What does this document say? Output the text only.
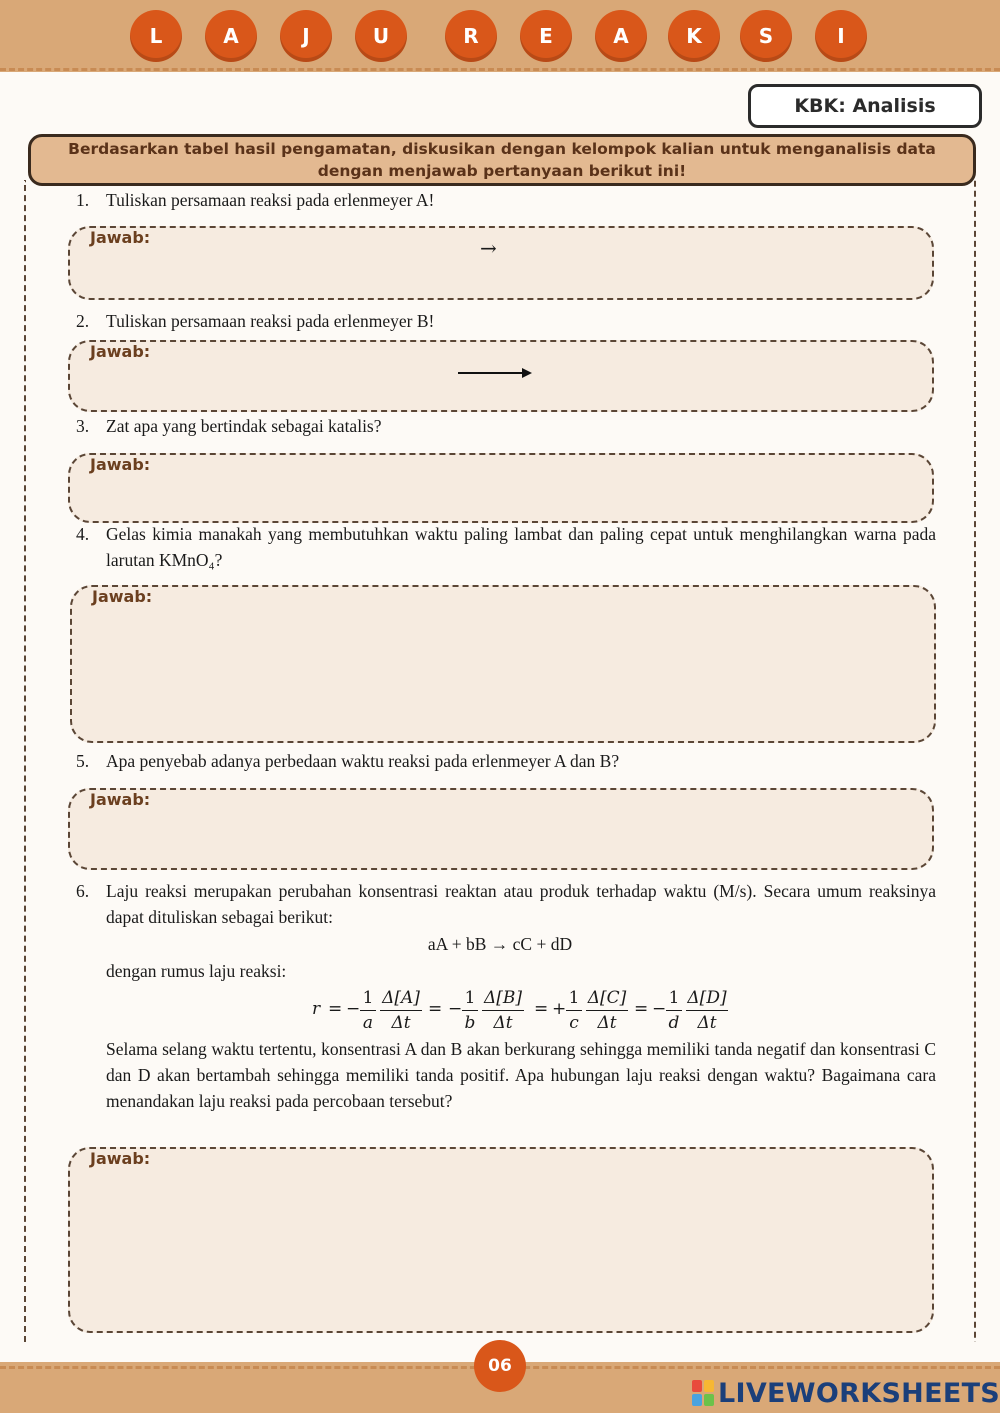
L	A	J	U	R	E	A	K	S	I
KBK: Analisis
Berdasarkan tabel hasil pengamatan, diskusikan dengan kelompok kalian untuk menganalisis data dengan menjawab pertanyaan berikut ini!
1. Tuliskan persamaan reaksi pada erlenmeyer A!
Jawab:	→
2. Tuliskan persamaan reaksi pada erlenmeyer B!
Jawab:
3. Zat apa yang bertindak sebagai katalis?
Jawab:
4. Gelas kimia manakah yang membutuhkan waktu paling lambat dan paling cepat untuk menghilangkan warna pada larutan KMnO₄?
Jawab:
5. Apa penyebab adanya perbedaan waktu reaksi pada erlenmeyer A dan B?
Jawab:
6. Laju reaksi merupakan perubahan konsentrasi reaktan atau produk terhadap waktu (M/s). Secara umum reaksinya dapat dituliskan sebagai berikut:
aA + bB → cC + dD
dengan rumus laju reaksi:
r = − $\frac{1}{a} \frac{\Delta[A]}{\Delta t}$ = − $\frac{1}{b} \frac{\Delta[B]}{\Delta t}$ = + $\frac{1}{c} \frac{\Delta[C]}{\Delta t}$ = − $\frac{1}{d} \frac{\Delta[D]}{\Delta t}$
Selama selang waktu tertentu, konsentrasi A dan B akan berkurang sehingga memiliki tanda negatif dan konsentrasi C dan D akan bertambah sehingga memiliki tanda positif. Apa hubungan laju reaksi dengan waktu? Bagaimana cara menandakan laju reaksi pada percobaan tersebut?
Jawab:
06
LIVEWORKSHEETS
